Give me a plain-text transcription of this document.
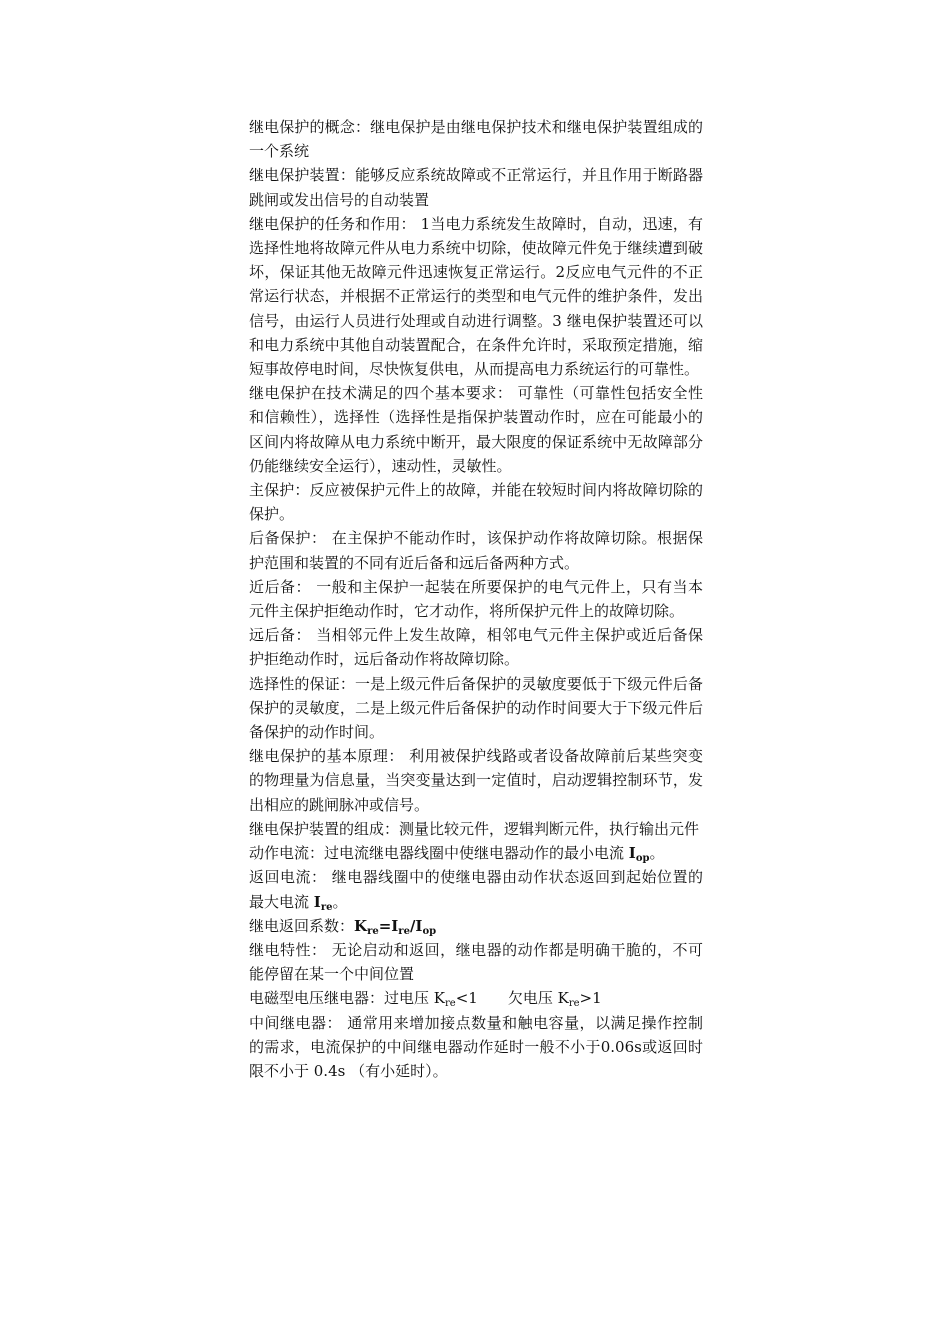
继电保护的概念：继电保护是由继电保护技术和继电保护装置组成的一个系统

继电保护装置：能够反应系统故障或不正常运行，并且作用于断路器跳闸或发出信号的自动装置

继电保护的任务和作用： 1当电力系统发生故障时，自动，迅速，有选择性地将故障元件从电力系统中切除，使故障元件免于继续遭到破坏，保证其他无故障元件迅速恢复正常运行。2反应电气元件的不正常运行状态，并根据不正常运行的类型和电气元件的维护条件，发出信号，由运行人员进行处理或自动进行调整。3 继电保护装置还可以和电力系统中其他自动装置配合，在条件允许时，采取预定措施，缩短事故停电时间，尽快恢复供电，从而提高电力系统运行的可靠性。

继电保护在技术满足的四个基本要求： 可靠性（可靠性包括安全性和信赖性），选择性（选择性是指保护装置动作时，应在可能最小的区间内将故障从电力系统中断开，最大限度的保证系统中无故障部分仍能继续安全运行），速动性，灵敏性。

主保护：反应被保护元件上的故障，并能在较短时间内将故障切除的保护。

后备保护： 在主保护不能动作时，该保护动作将故障切除。根据保护范围和装置的不同有近后备和远后备两种方式。

近后备： 一般和主保护一起装在所要保护的电气元件上，只有当本元件主保护拒绝动作时，它才动作，将所保护元件上的故障切除。

远后备： 当相邻元件上发生故障，相邻电气元件主保护或近后备保护拒绝动作时，远后备动作将故障切除。

选择性的保证：一是上级元件后备保护的灵敏度要低于下级元件后备保护的灵敏度，二是上级元件后备保护的动作时间要大于下级元件后备保护的动作时间。

继电保护的基本原理： 利用被保护线路或者设备故障前后某些突变的物理量为信息量，当突变量达到一定值时，启动逻辑控制环节，发出相应的跳闸脉冲或信号。

继电保护装置的组成：测量比较元件，逻辑判断元件，执行输出元件

动作电流：过电流继电器线圈中使继电器动作的最小电流 $I_{op}$。

返回电流： 继电器线圈中的使继电器由动作状态返回到起始位置的最大电流 $I_{re}$。

继电返回系数：$K_{re}=I_{re}/I_{op}$

继电特性： 无论启动和返回，继电器的动作都是明确干脆的，不可能停留在某一个中间位置

电磁型电压继电器：过电压 $K_{re}<1$ 欠电压 $K_{re}>1$

中间继电器： 通常用来增加接点数量和触电容量，以满足操作控制的需求，电流保护的中间继电器动作延时一般不小于0.06s或返回时限不小于 0.4s （有小延时）。
